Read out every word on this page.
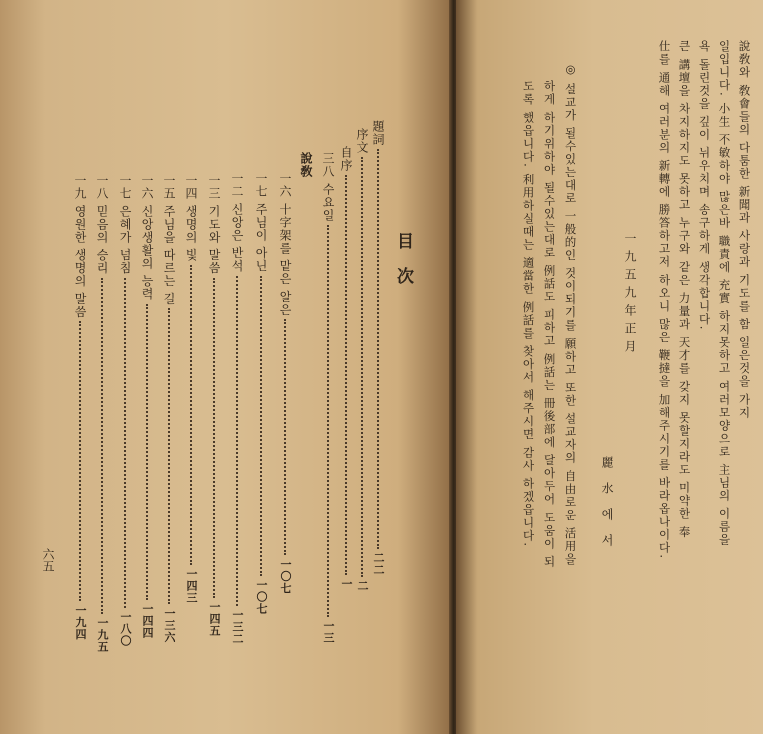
目次
題詞二二
序文二
自序一
三八 수요일一三
說敎
一六 十字架를 맡은 알은一〇七
一七 주님이 아닌一〇七
一二 신앙은 반석一三二
一三 기도와 말씀一四五
一四 생명의 빛一四三
一五 주님을 따르는 길一三六
一六 신앙생활의 능력一四四
一七 은혜가 넘침一八〇
一八 믿음의 승리一九五
一九 영원한 생명의 말씀一九四
六五
說敎와 敎會들의 다툼한 新聞과 사랑과 기도를 함 일은것을 가지
일입니다. 小生 不敏하야 많은바 職責에 充實 하지못하고 여러모양으로 主님의 이름을
욕 돌린것을 깊이 뉘우치며 송구하게 생각합니다.
큰 講壇을 차지하지도 못하고 누구와 같은 力量과 天才를 갖지 못할지라도 미약한 奉
仕를 通해 여러분의 新轉에 勝答하고저 하오니 많은 鞭撻을 加해주시기를 바라옵나이다.
一九五九年正月
麗水에서
◎ 설교가 될수있는대로 一般的인 것이되기를 願하고 또한 설교자의 自由로운 活用을
하게 하기위하야 될수있는대로 例話도 피하고 例話는 冊後部에 달아두어 도움이 되
도록 했읍니다. 利用하실때는 適當한 例話를 찾아서 해주시면 감사 하겠읍니다.
